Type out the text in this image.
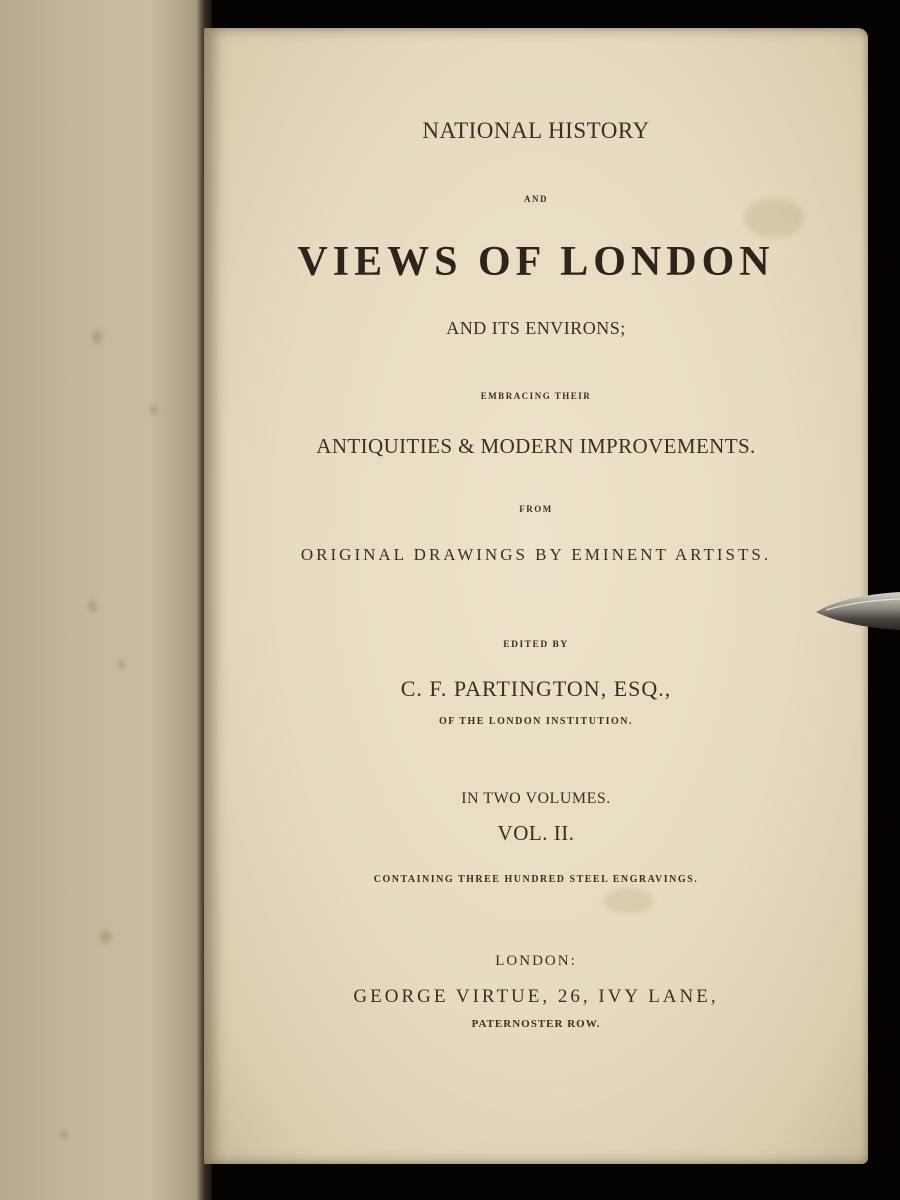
NATIONAL HISTORY
AND
VIEWS OF LONDON
AND ITS ENVIRONS;
EMBRACING THEIR
ANTIQUITIES & MODERN IMPROVEMENTS.
FROM
ORIGINAL DRAWINGS BY EMINENT ARTISTS.
EDITED BY
C. F. PARTINGTON, ESQ.,
OF THE LONDON INSTITUTION.
IN TWO VOLUMES.
VOL. II.
CONTAINING THREE HUNDRED STEEL ENGRAVINGS.
LONDON:
GEORGE VIRTUE, 26, IVY LANE,
PATERNOSTER ROW.
